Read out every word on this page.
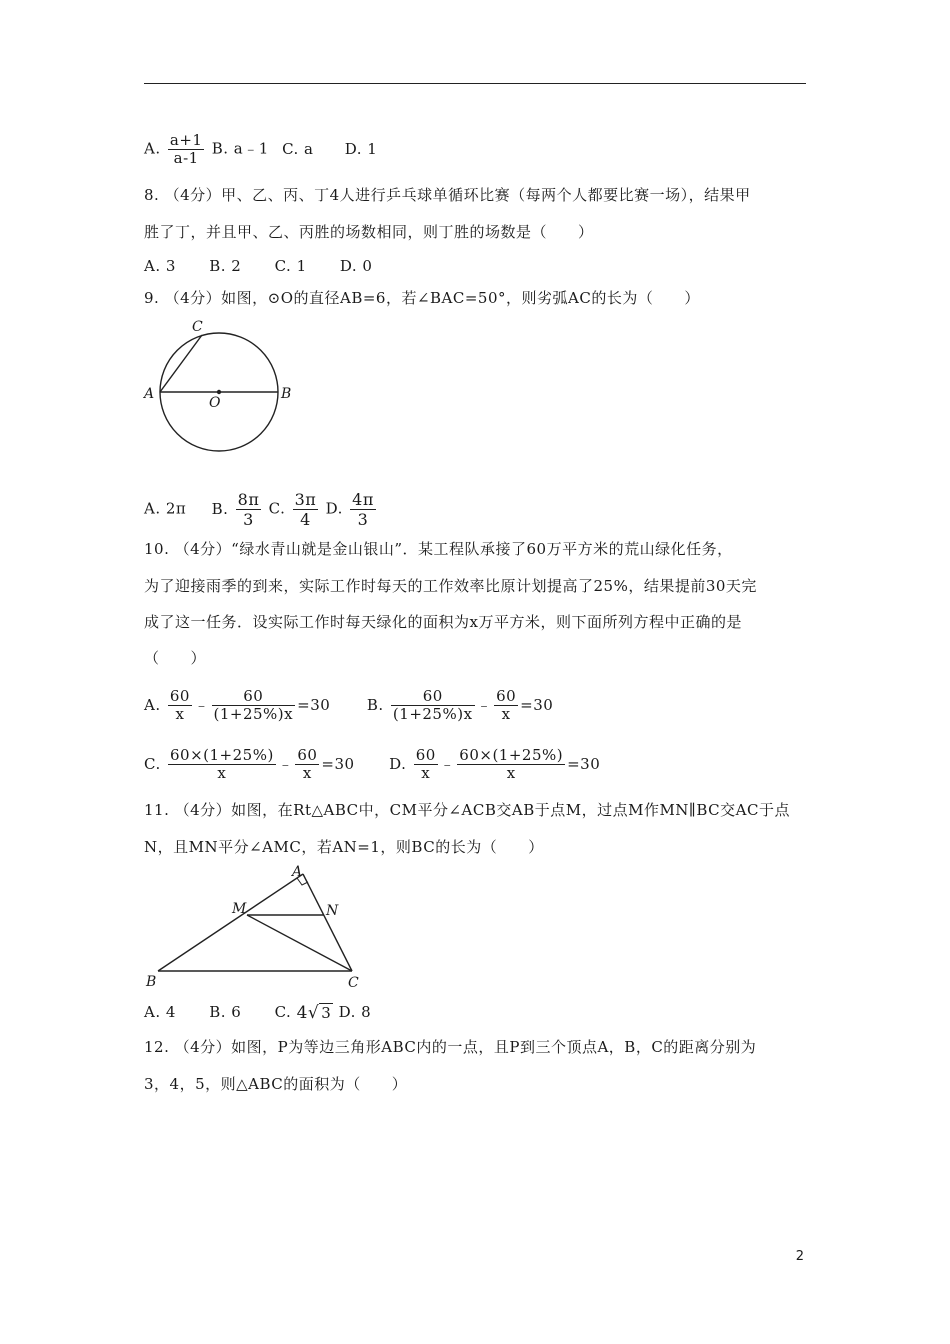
A. $\frac{a+1}{a-1} B$. a﹣1 C. a D. 1
8. （4分）甲、乙、丙、丁4人进行乒乓球单循环比赛（每两个人都要比赛一场），结果甲
胜了丁，并且甲、乙、丙胜的场数相同，则丁胜的场数是（　　）
A. 3 B. 2 C. 1 D. 0
9. （4分）如图，⊙O的直径AB=6，若∠BAC=50°，则劣弧AC的长为（　　）
C
A	B
O
A. 2π B. $\frac{8\pi}{3} C$. $\frac{3\pi}{4} D$. $\frac{4\pi}{3}$
10. （4分）“绿水青山就是金山银山”．某工程队承接了60万平方米的荒山绿化任务，
为了迎接雨季的到来，实际工作时每天的工作效率比原计划提高了25%，结果提前30天完
成了这一任务．设实际工作时每天绿化的面积为x万平方米，则下面所列方程中正确的是
（　　）
A. $\frac{60}{x}$ ﹣ $\frac{60}{(1+25\%)x} =30$ B. $\frac{60}{(1+25\%)x}$ ﹣ $\frac{60}{x} =30$
C. $\frac{60\times(1+25\%)}{x}$ ﹣ $\frac{60}{x} =30$ D. $\frac{60}{x}$ ﹣ $\frac{60\times(1+25\%)}{x} =30$
11. （4分）如图，在Rt△ABC中，CM平分∠ACB交AB于点M，过点M作MN∥BC交AC于点
N，且MN平分∠AMC，若AN=1，则BC的长为（　　）
A
B	C
M	N
A. 4 B. 6 C. 4√ 3 D. 8
12. （4分）如图，P为等边三角形ABC内的一点，且P到三个顶点A，B，C的距离分别为
3，4，5，则△ABC的面积为（　　）
2
